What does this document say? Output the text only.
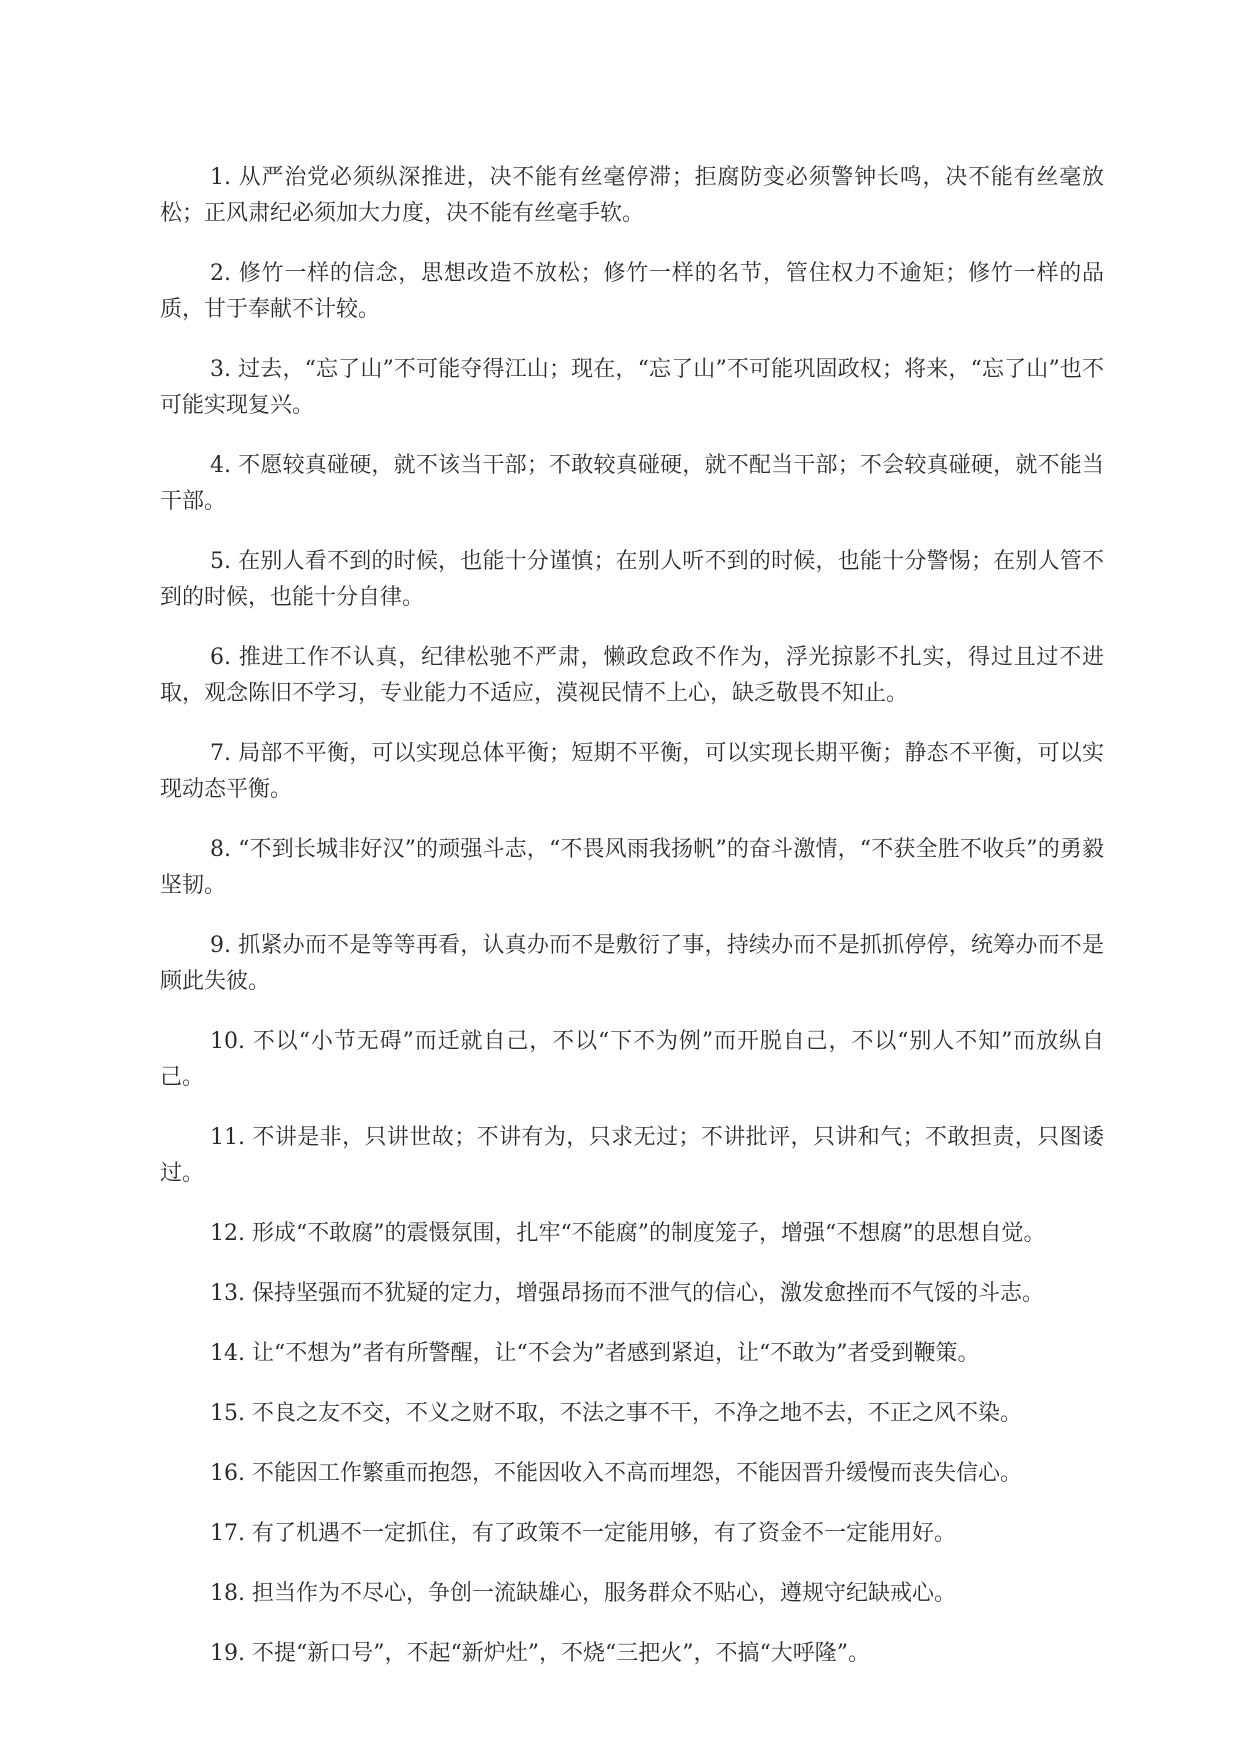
1. 从严治党必须纵深推进，决不能有丝毫停滞；拒腐防变必须警钟长鸣，决不能有丝毫放松；正风肃纪必须加大力度，决不能有丝毫手软。

2. 修竹一样的信念，思想改造不放松；修竹一样的名节，管住权力不逾矩；修竹一样的品质，甘于奉献不计较。

3. 过去，“忘了山”不可能夺得江山；现在，“忘了山”不可能巩固政权；将来，“忘了山”也不可能实现复兴。

4. 不愿较真碰硬，就不该当干部；不敢较真碰硬，就不配当干部；不会较真碰硬，就不能当干部。

5. 在别人看不到的时候，也能十分谨慎；在别人听不到的时候，也能十分警惕；在别人管不到的时候，也能十分自律。

6. 推进工作不认真，纪律松驰不严肃，懒政怠政不作为，浮光掠影不扎实，得过且过不进取，观念陈旧不学习，专业能力不适应，漠视民情不上心，缺乏敬畏不知止。

7. 局部不平衡，可以实现总体平衡；短期不平衡，可以实现长期平衡；静态不平衡，可以实现动态平衡。

8. “不到长城非好汉”的顽强斗志，“不畏风雨我扬帆”的奋斗激情，“不获全胜不收兵”的勇毅坚韧。

9. 抓紧办而不是等等再看，认真办而不是敷衍了事，持续办而不是抓抓停停，统筹办而不是顾此失彼。

10. 不以“小节无碍”而迁就自己，不以“下不为例”而开脱自己，不以“别人不知”而放纵自己。

11. 不讲是非，只讲世故；不讲有为，只求无过；不讲批评，只讲和气；不敢担责，只图诿过。

12. 形成“不敢腐”的震慑氛围，扎牢“不能腐”的制度笼子，增强“不想腐”的思想自觉。

13. 保持坚强而不犹疑的定力，增强昂扬而不泄气的信心，激发愈挫而不气馁的斗志。

14. 让“不想为”者有所警醒，让“不会为”者感到紧迫，让“不敢为”者受到鞭策。

15. 不良之友不交，不义之财不取，不法之事不干，不净之地不去，不正之风不染。

16. 不能因工作繁重而抱怨，不能因收入不高而埋怨，不能因晋升缓慢而丧失信心。

17. 有了机遇不一定抓住，有了政策不一定能用够，有了资金不一定能用好。

18. 担当作为不尽心，争创一流缺雄心，服务群众不贴心，遵规守纪缺戒心。

19. 不提“新口号”，不起“新炉灶”，不烧“三把火”，不搞“大呼隆”。
